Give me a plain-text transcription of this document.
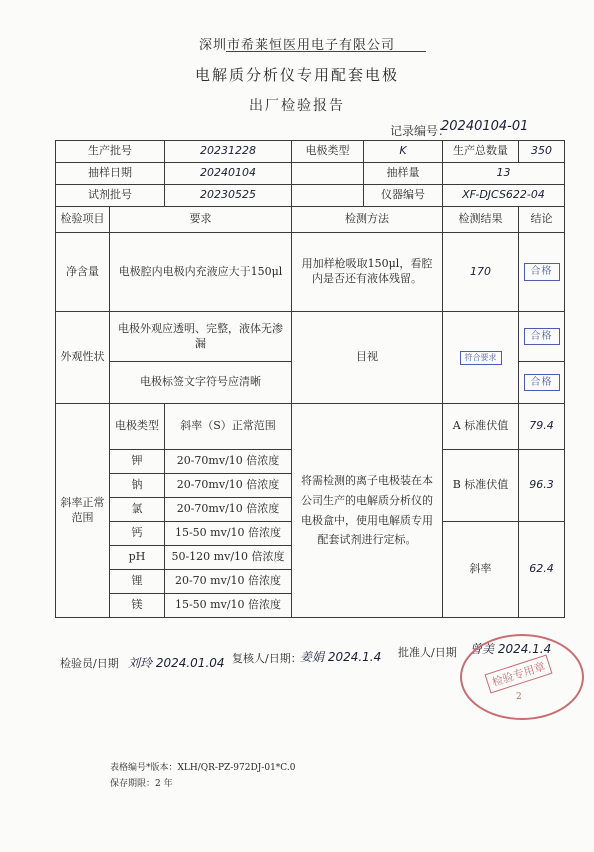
深圳市希莱恒医用电子有限公司
电解质分析仪专用配套电极
出厂检验报告
记录编号：
20240104-01
生产批号		20231228	电极类型	K	生产总数量	350
抽样日期		20240104		抽样量	13	
试剂批号		20230525		仪器编号	XF-DJCS622-04	
检验项目	要求		检测方法		检测结果	结论
净含量	电极腔内电极内充液应大于150μl		用加样枪吸取150μl，看腔内是否还有液体残留。		170	合格
外观性状	电极外观应透明、完整，液体无渗漏		目视		符合要求	合格
	电极标签文字符号应清晰					合格
斜率正常范围	电极类型	斜率（S）正常范围	将需检测的离子电极装在本公司生产的电解质分析仪的电极盒中，使用电解质专用配套试剂进行定标。		A 标准伏值	79.4
	钾	20-70mv/10 倍浓度			B 标准伏值	96.3
	钠	20-70mv/10 倍浓度				
	氯	20-70mv/10 倍浓度				
	钙	15-50 mv/10 倍浓度			斜率	62.4
	pH	50-120 mv/10 倍浓度				
	锂	20-70 mv/10 倍浓度				
	镁	15-50 mv/10 倍浓度				
检验员/日期 刘玲 2024.01.04 复核人/日期：
姜娟 2024.1.4 批准人/日期 曾美 2024.1.4
检验专用章
2
表格编号*版本：XLH/QR-PZ-972DJ-01*C.0
保存期限：2 年
